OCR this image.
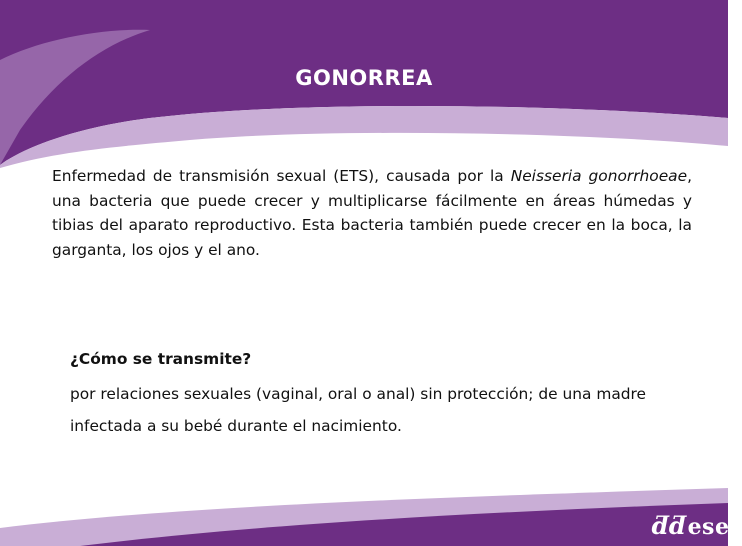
GONORREA
Enfermedad de transmisión sexual (ETS), causada por la Neisseria gonorrhoeae, una bacteria que puede crecer y multiplicarse fácilmente en áreas húmedas y tibias del aparato reproductivo. Esta bacteria también puede crecer en la boca, la garganta, los ojos y el ano.
¿Cómo se transmite?
por relaciones sexuales (vaginal, oral o anal) sin protección; de una madre infectada a su bebé durante el nacimiento.
ƌƌeser
